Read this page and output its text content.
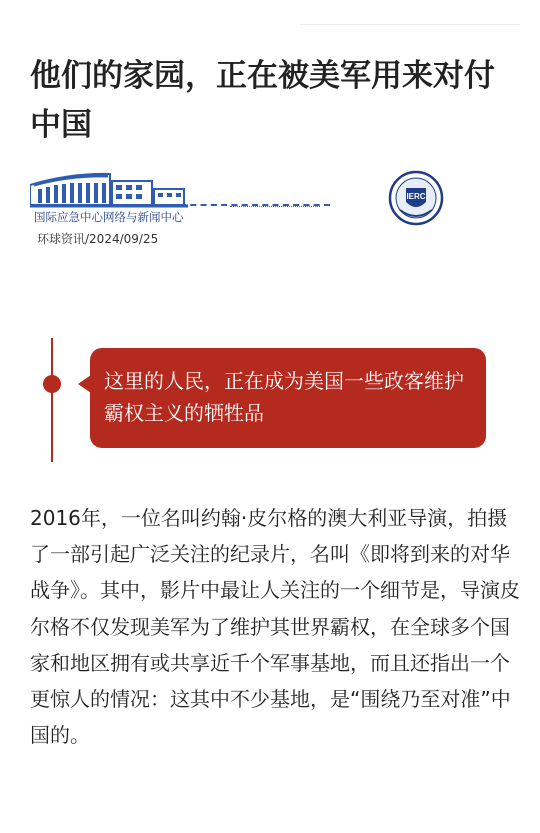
他们的家园，正在被美军用来对付中国
IERC
国际应急中心网络与新闻中心
环球资讯/2024/09/25

这里的人民，正在成为美国一些政客维护霸权主义的牺牲品

2016年，一位名叫约翰·皮尔格的澳大利亚导演，拍摄了一部引起广泛关注的纪录片，名叫《即将到来的对华战争》。其中，影片中最让人关注的一个细节是，导演皮尔格不仅发现美军为了维护其世界霸权，在全球多个国家和地区拥有或共享近千个军事基地，而且还指出一个更惊人的情况：这其中不少基地，是“围绕乃至对准”中国的。
